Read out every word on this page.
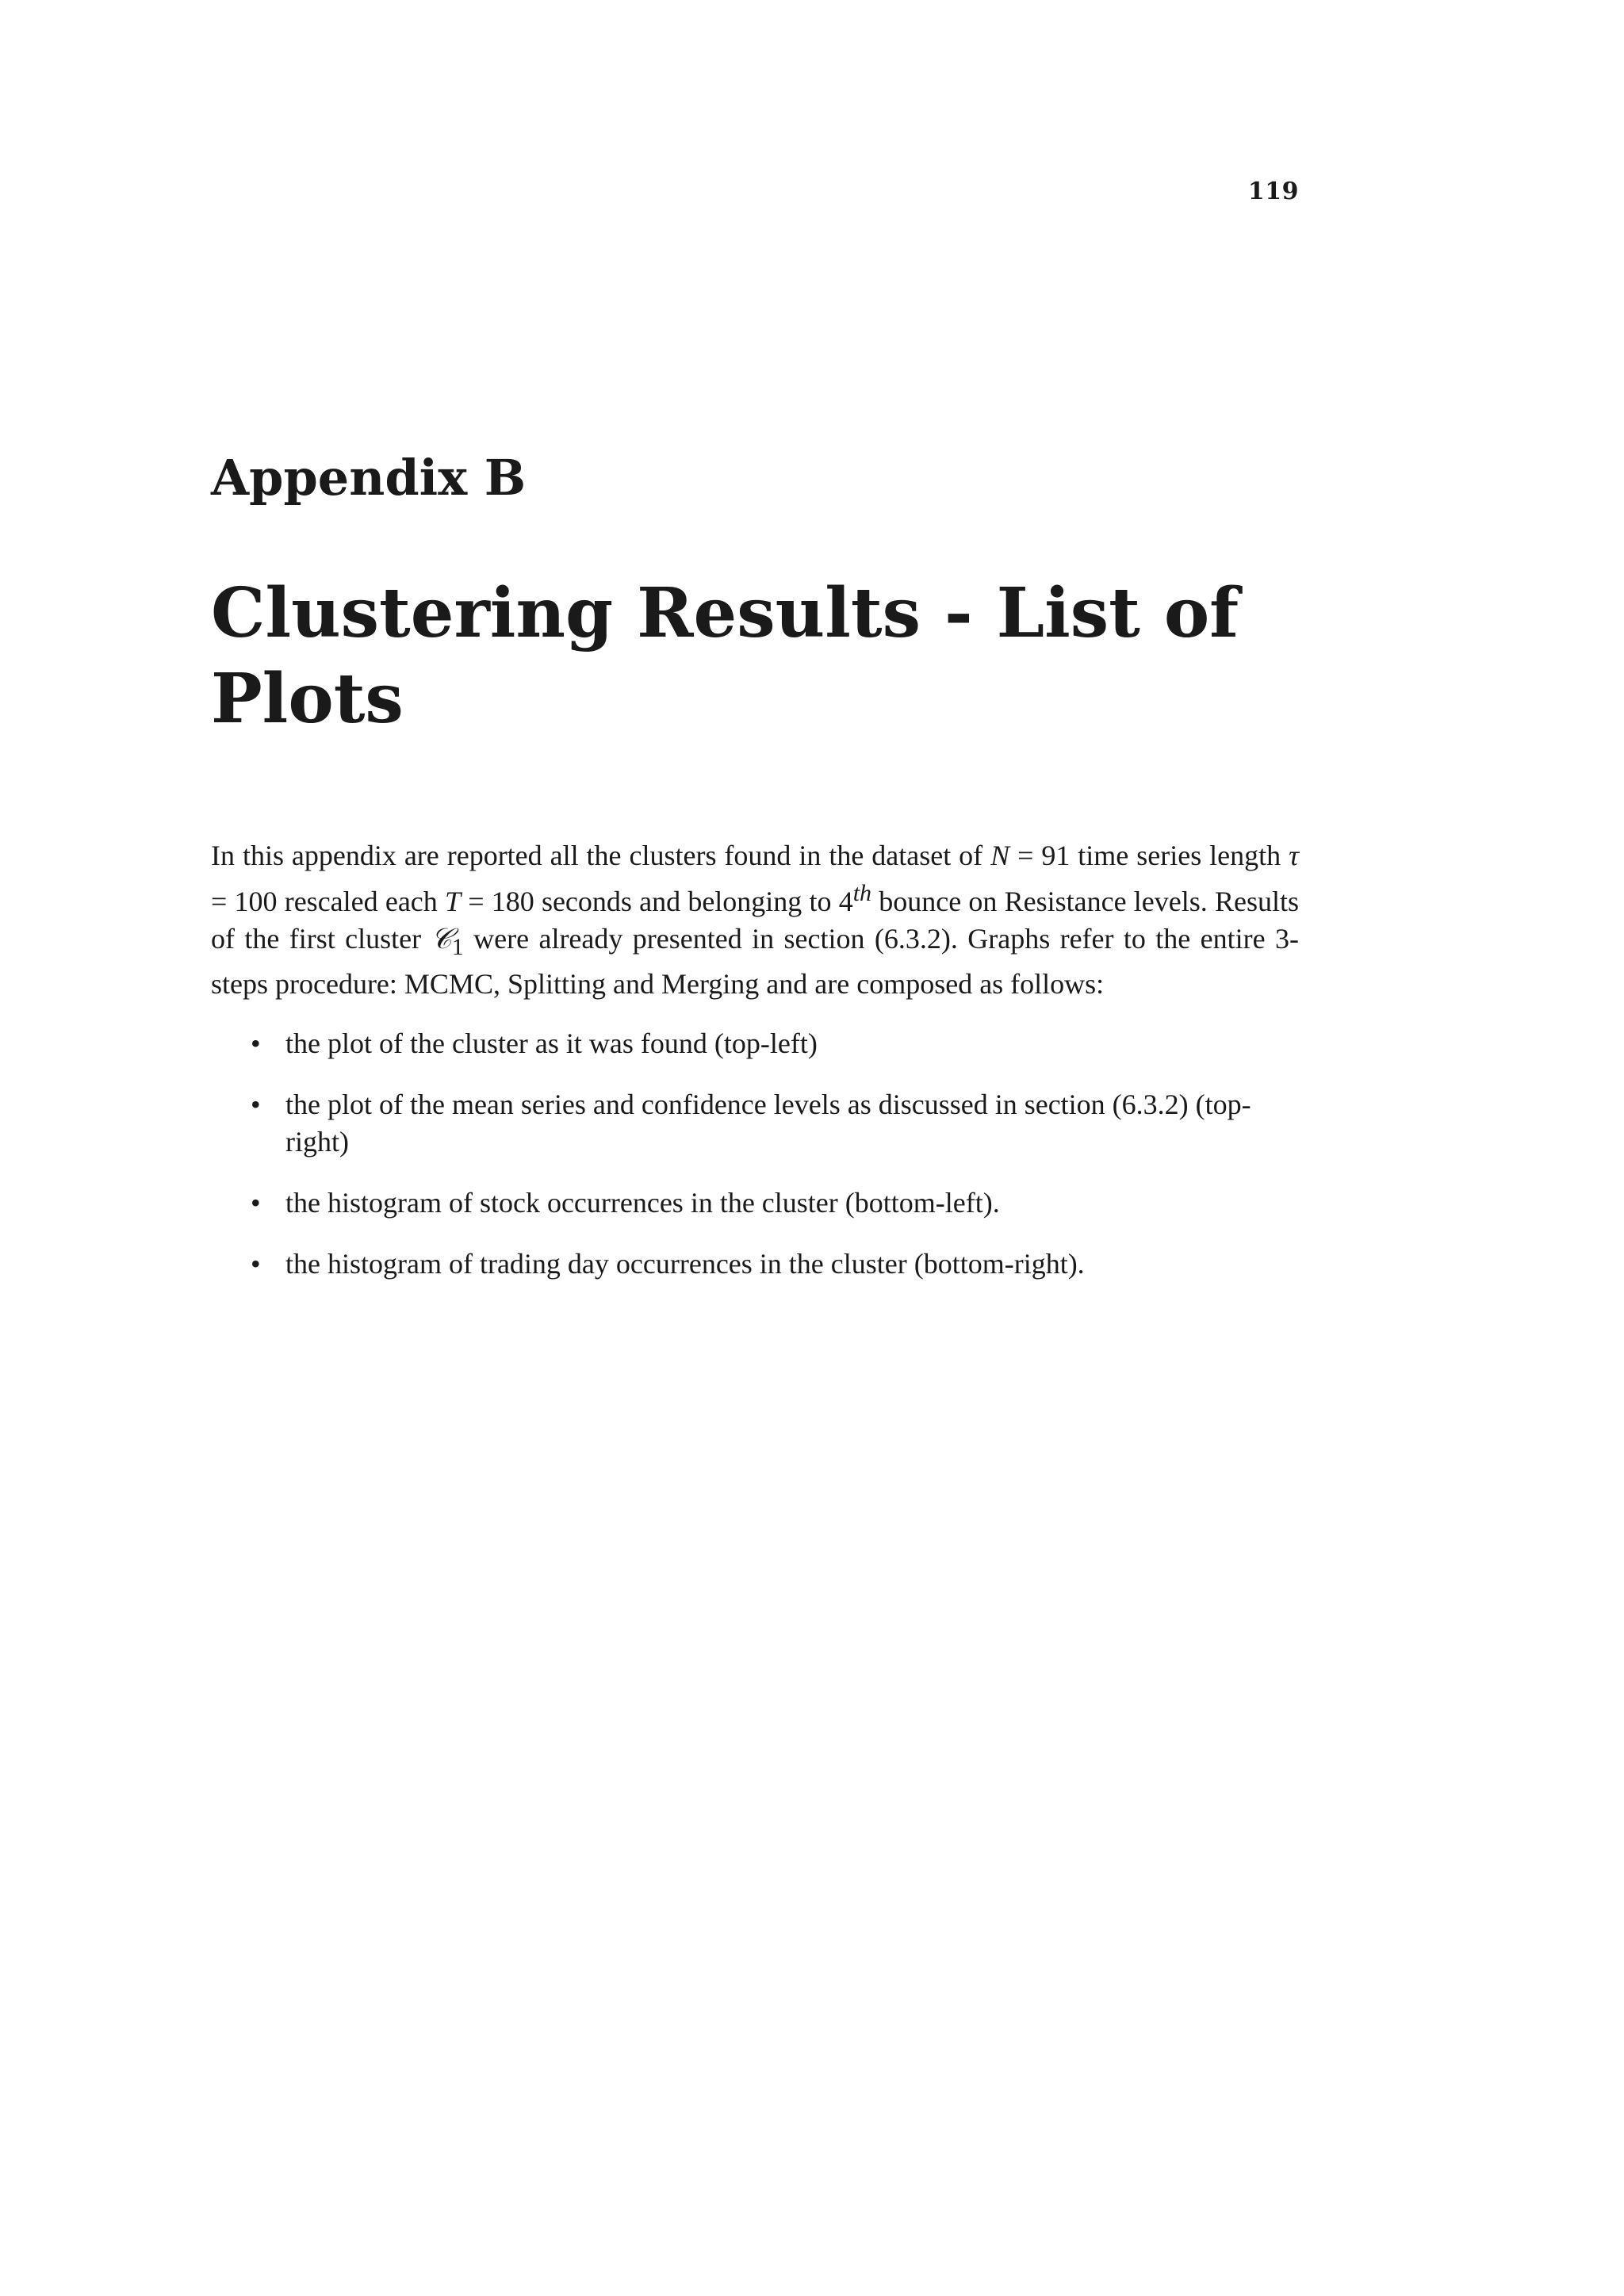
119
Appendix B
Clustering Results - List of Plots

In this appendix are reported all the clusters found in the dataset of N = 91 time series length τ = 100 rescaled each T = 180 seconds and belonging to 4th bounce on Resistance levels. Results of the first cluster 𝒞$_1$ were already presented in section (6.3.2). Graphs refer to the entire 3-steps procedure: MCMC, Splitting and Merging and are composed as follows:

• the plot of the cluster as it was found (top-left)
• the plot of the mean series and confidence levels as discussed in section (6.3.2) (top-right)
• the histogram of stock occurrences in the cluster (bottom-left).
• the histogram of trading day occurrences in the cluster (bottom-right).
